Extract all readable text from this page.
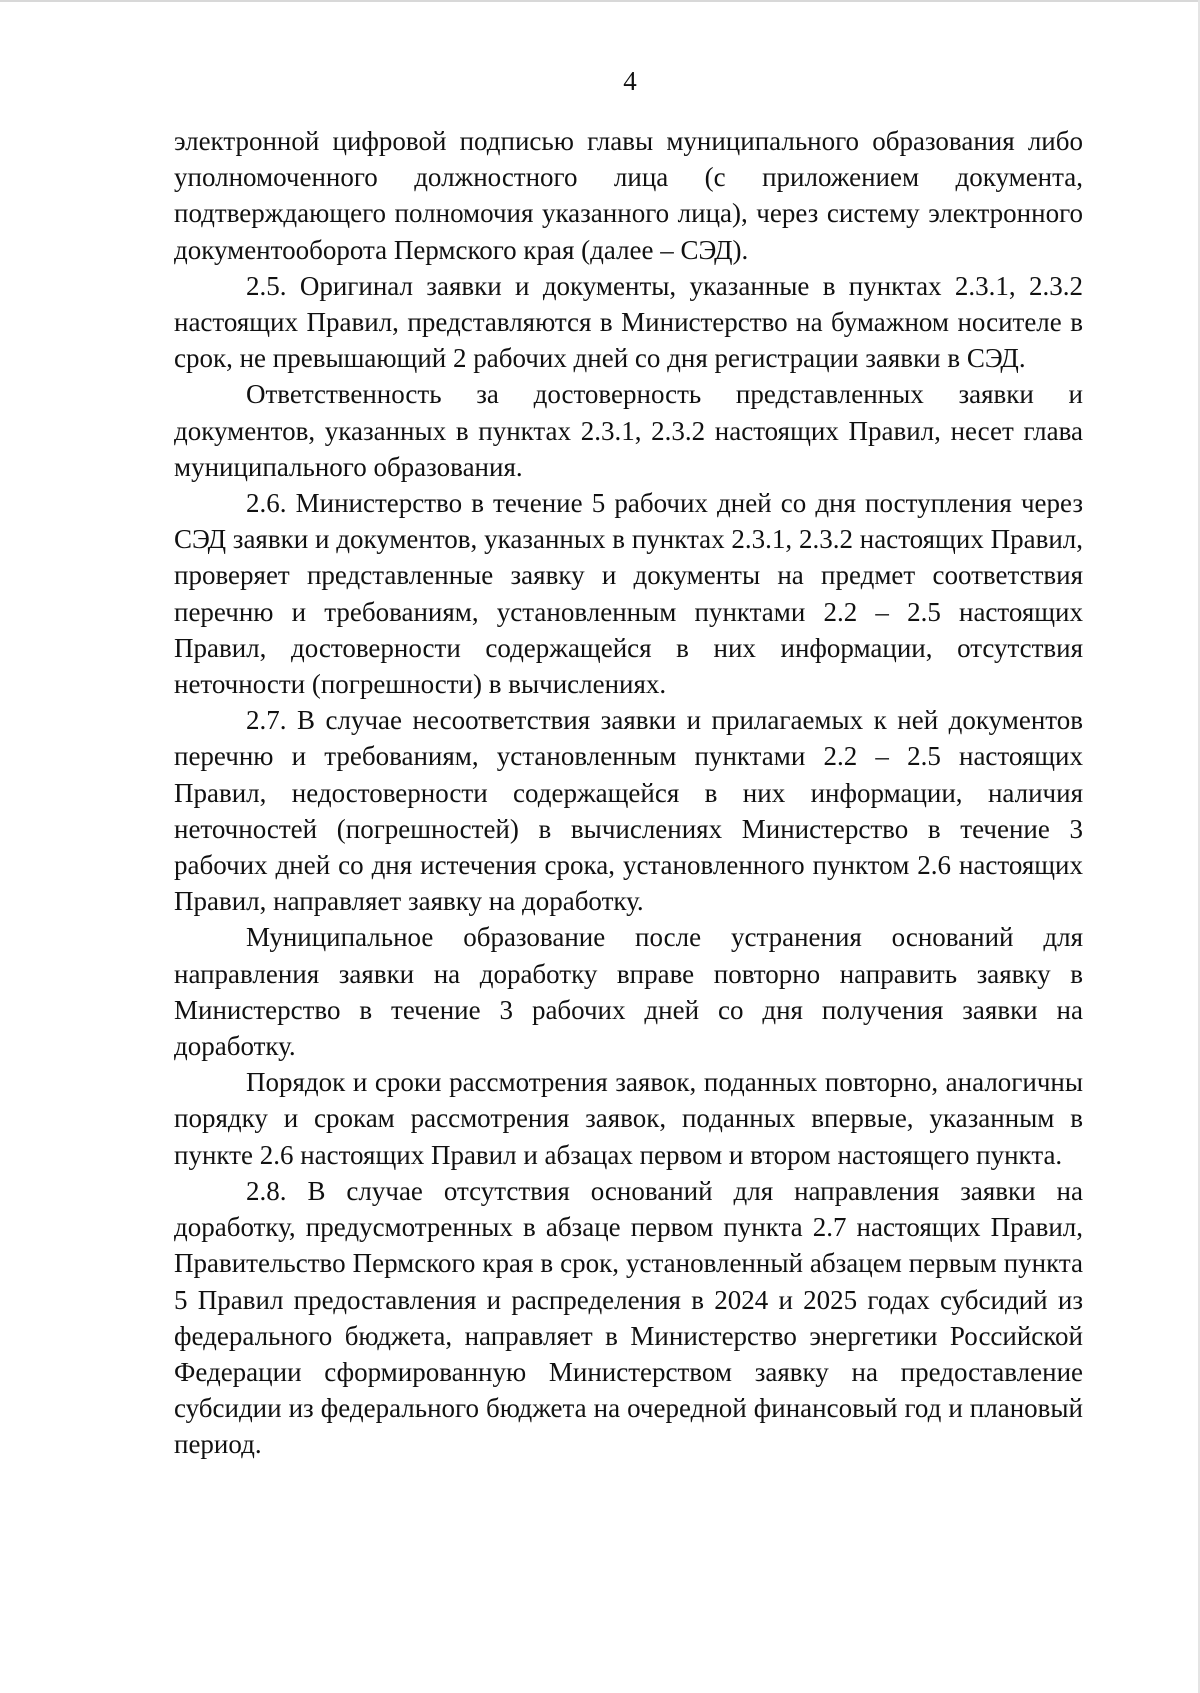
4

электронной цифровой подписью главы муниципального образования либо уполномоченного должностного лица (с приложением документа, подтверждающего полномочия указанного лица), через систему электронного документооборота Пермского края (далее – СЭД).

2.5. Оригинал заявки и документы, указанные в пунктах 2.3.1, 2.3.2 настоящих Правил, представляются в Министерство на бумажном носителе в срок, не превышающий 2 рабочих дней со дня регистрации заявки в СЭД.

Ответственность за достоверность представленных заявки и документов, указанных в пунктах 2.3.1, 2.3.2 настоящих Правил, несет глава муниципального образования.

2.6. Министерство в течение 5 рабочих дней со дня поступления через СЭД заявки и документов, указанных в пунктах 2.3.1, 2.3.2 настоящих Правил, проверяет представленные заявку и документы на предмет соответствия перечню и требованиям, установленным пунктами 2.2 – 2.5 настоящих Правил, достоверности содержащейся в них информации, отсутствия неточности (погрешности) в вычислениях.

2.7. В случае несоответствия заявки и прилагаемых к ней документов перечню и требованиям, установленным пунктами 2.2 – 2.5 настоящих Правил, недостоверности содержащейся в них информации, наличия неточностей (погрешностей) в вычислениях Министерство в течение 3 рабочих дней со дня истечения срока, установленного пунктом 2.6 настоящих Правил, направляет заявку на доработку.

Муниципальное образование после устранения оснований для направления заявки на доработку вправе повторно направить заявку в Министерство в течение 3 рабочих дней со дня получения заявки на доработку.

Порядок и сроки рассмотрения заявок, поданных повторно, аналогичны порядку и срокам рассмотрения заявок, поданных впервые, указанным в пункте 2.6 настоящих Правил и абзацах первом и втором настоящего пункта.

2.8. В случае отсутствия оснований для направления заявки на доработку, предусмотренных в абзаце первом пункта 2.7 настоящих Правил, Правительство Пермского края в срок, установленный абзацем первым пункта 5 Правил предоставления и распределения в 2024 и 2025 годах субсидий из федерального бюджета, направляет в Министерство энергетики Российской Федерации сформированную Министерством заявку на предоставление субсидии из федерального бюджета на очередной финансовый год и плановый период.
